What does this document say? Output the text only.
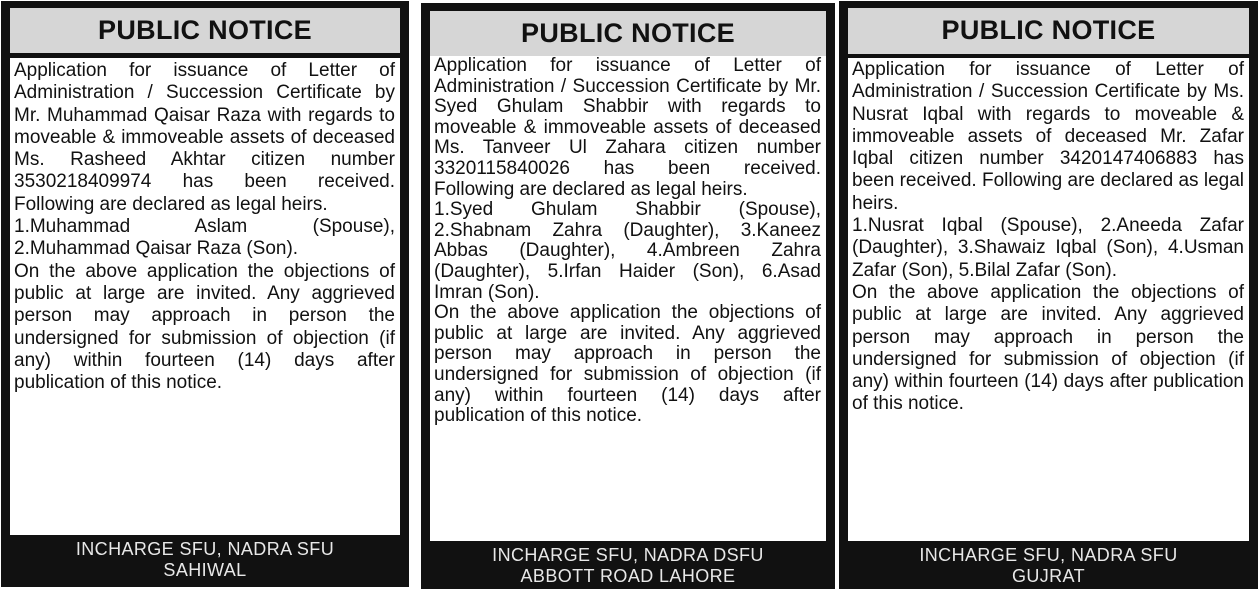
PUBLIC NOTICE

Application for issuance of Letter of Administration / Succession Certificate by Mr. Muhammad Qaisar Raza with regards to moveable & immoveable assets of deceased Ms. Rasheed Akhtar citizen number 3530218409974 has been received. Following are declared as legal heirs.

1.Muhammad Aslam (Spouse), 2.Muhammad Qaisar Raza (Son).

On the above application the objections of public at large are invited. Any aggrieved person may approach in person the undersigned for submission of objection (if any) within fourteen (14) days after publication of this notice.

INCHARGE SFU, NADRA SFU
SAHIWAL
PUBLIC NOTICE

Application for issuance of Letter of Administration / Succession Certificate by Mr. Syed Ghulam Shabbir with regards to moveable & immoveable assets of deceased Ms. Tanveer Ul Zahara citizen number 3320115840026 has been received. Following are declared as legal heirs.

1.Syed Ghulam Shabbir (Spouse), 2.Shabnam Zahra (Daughter), 3.Kaneez Abbas (Daughter), 4.Ambreen Zahra (Daughter), 5.Irfan Haider (Son), 6.Asad Imran (Son).

On the above application the objections of public at large are invited. Any aggrieved person may approach in person the undersigned for submission of objection (if any) within fourteen (14) days after publication of this notice.

INCHARGE SFU, NADRA DSFU
ABBOTT ROAD LAHORE
PUBLIC NOTICE

Application for issuance of Letter of Administration / Succession Certificate by Ms. Nusrat Iqbal with regards to moveable & immoveable assets of deceased Mr. Zafar Iqbal citizen number 3420147406883 has been received. Following are declared as legal heirs.

1.Nusrat Iqbal (Spouse), 2.Aneeda Zafar (Daughter), 3.Shawaiz Iqbal (Son), 4.Usman Zafar (Son), 5.Bilal Zafar (Son).

On the above application the objections of public at large are invited. Any aggrieved person may approach in person the undersigned for submission of objection (if any) within fourteen (14) days after publication of this notice.

INCHARGE SFU, NADRA SFU
GUJRAT
